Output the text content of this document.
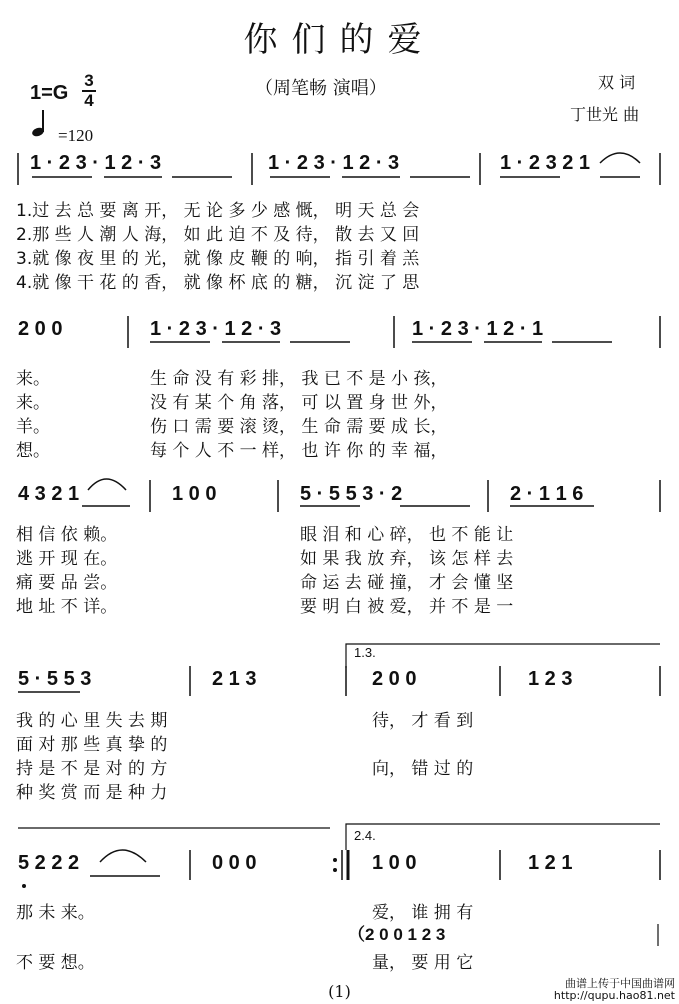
你们的爱
1=G
3
4
（周笔畅 演唱）	双 词
丁世光 曲
=120
1 · 2 3 · 1 2 · 3	1 · 2 3 · 1 2 · 3	1 · 2 3 2 1
1.过 去 总 要 离 开， 无 论 多 少 感 慨， 明 天 总 会
2.那 些 人 潮 人 海， 如 此 迫 不 及 待， 散 去 又 回
3.就 像 夜 里 的 光， 就 像 皮 鞭 的 响， 指 引 着 羔
4.就 像 干 花 的 香， 就 像 杯 底 的 糖， 沉 淀 了 思
2 0 0	1 · 2 3 · 1 2 · 3	1 · 2 3 · 1 2 · 1
来。
来。
羊。
想。
生 命 没 有 彩 排， 我 已 不 是 小 孩，
没 有 某 个 角 落， 可 以 置 身 世 外，
伤 口 需 要 滚 烫， 生 命 需 要 成 长，
每 个 人 不 一 样， 也 许 你 的 幸 福，
4 3 2 1	1 0 0	5 · 5 5 3 · 2	2 · 1 1 6
相 信 依 赖。
逃 开 现 在。
痛 要 品 尝。
地 址 不 详。
眼 泪 和 心 碎， 也 不 能 让
如 果 我 放 弃， 该 怎 样 去
命 运 去 碰 撞， 才 会 懂 坚
要 明 白 被 爱， 并 不 是 一
1.3.
5 · 5 5 3	2 1 3	2 0 0	1 2 3
我 的 心 里 失 去 期
面 对 那 些 真 挚 的
持 是 不 是 对 的 方
种 奖 赏 而 是 种 力
待， 才 看 到
向， 错 过 的
2.4.
5 2 2 2	0 0 0	1 0 0	1 2 1
那 未 来。
不 要 想。
爱， 谁 拥 有
（2 0 0 1 2 3
量， 要 用 它
(1)	曲谱上传于中国曲谱网
http://qupu.hao81.net
